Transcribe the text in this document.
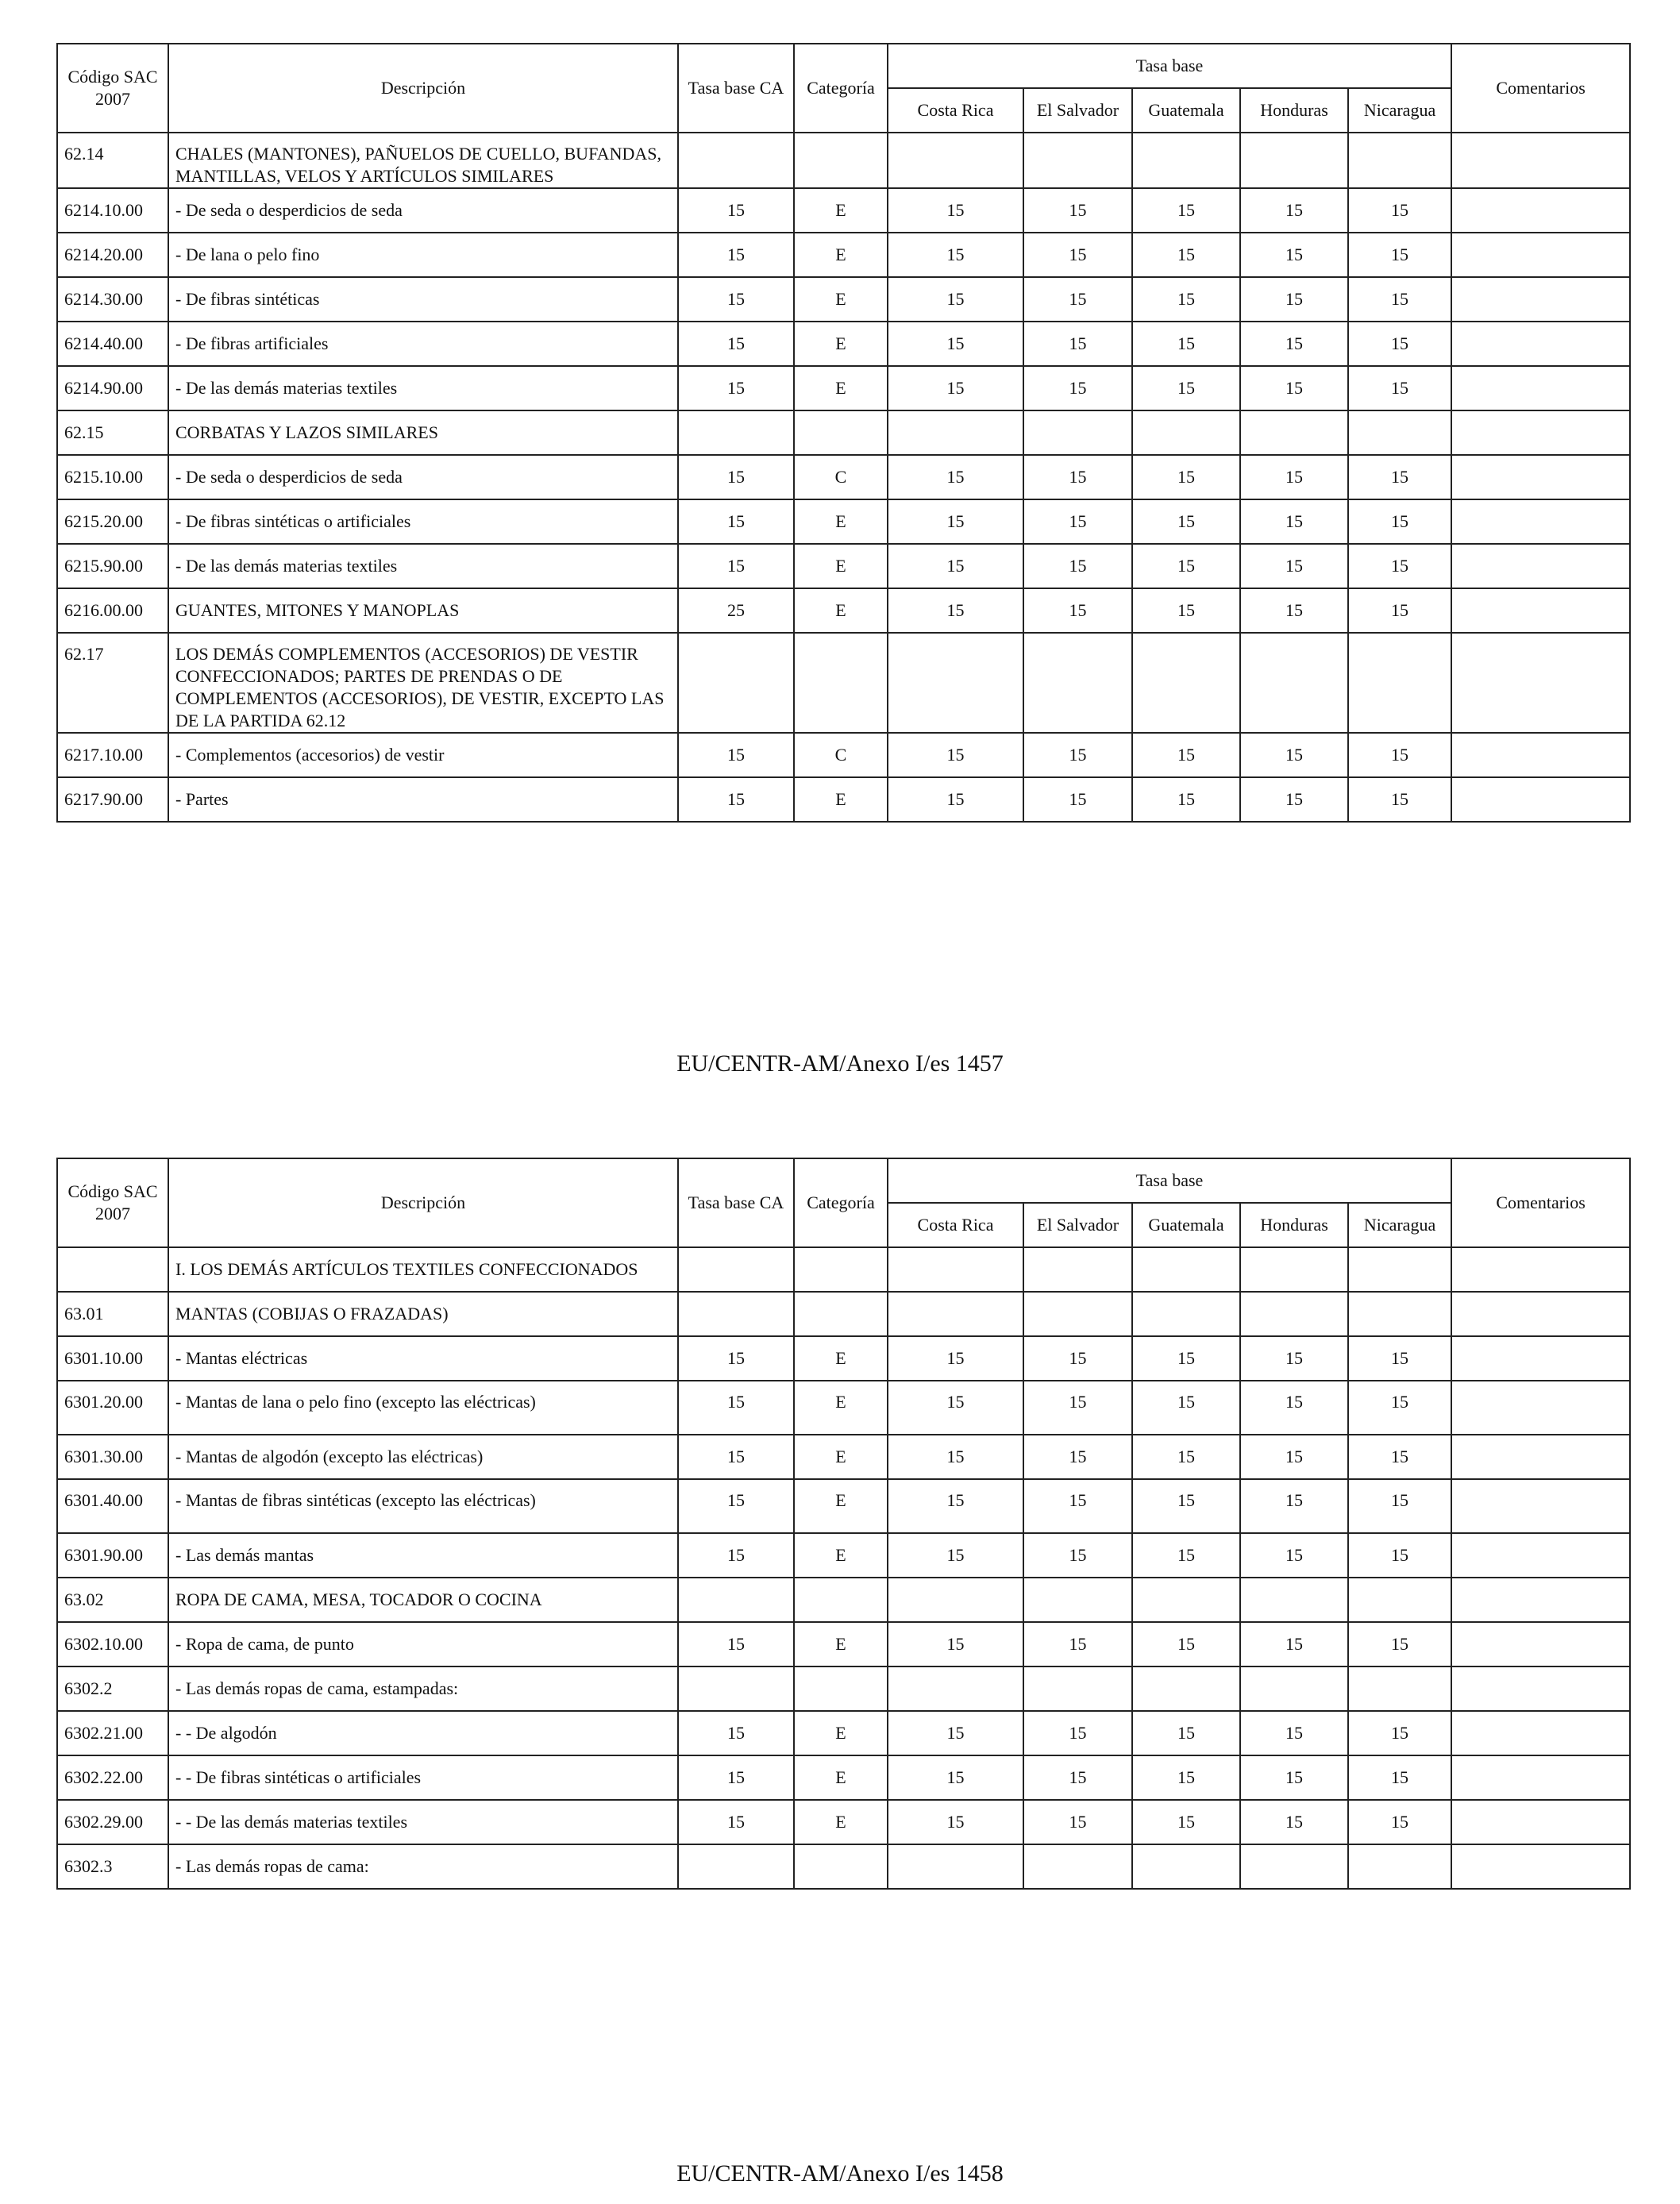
Código SAC 2007	Descripción	Tasa base CA	Categoría	Tasa base					Comentarios
				Costa Rica	El Salvador	Guatemala	Honduras	Nicaragua	
62.14	CHALES (MANTONES), PAÑUELOS DE CUELLO, BUFANDAS, MANTILLAS, VELOS Y ARTÍCULOS SIMILARES								
6214.10.00	- De seda o desperdicios de seda	15	E	15	15	15	15	15	
6214.20.00	- De lana o pelo fino	15	E	15	15	15	15	15	
6214.30.00	- De fibras sintéticas	15	E	15	15	15	15	15	
6214.40.00	- De fibras artificiales	15	E	15	15	15	15	15	
6214.90.00	- De las demás materias textiles	15	E	15	15	15	15	15	
62.15	CORBATAS Y LAZOS SIMILARES								
6215.10.00	- De seda o desperdicios de seda	15	C	15	15	15	15	15	
6215.20.00	- De fibras sintéticas o artificiales	15	E	15	15	15	15	15	
6215.90.00	- De las demás materias textiles	15	E	15	15	15	15	15	
6216.00.00	GUANTES, MITONES Y MANOPLAS	25	E	15	15	15	15	15	
62.17	LOS DEMÁS COMPLEMENTOS (ACCESORIOS) DE VESTIR CONFECCIONADOS; PARTES DE PRENDAS O DE COMPLEMENTOS (ACCESORIOS), DE VESTIR, EXCEPTO LAS DE LA PARTIDA 62.12								
6217.10.00	- Complementos (accesorios) de vestir	15	C	15	15	15	15	15	
6217.90.00	- Partes	15	E	15	15	15	15	15	
EU/CENTR-AM/Anexo I/es 1457
Código SAC 2007	Descripción	Tasa base CA	Categoría	Tasa base					Comentarios
				Costa Rica	El Salvador	Guatemala	Honduras	Nicaragua	
	I. LOS DEMÁS ARTÍCULOS TEXTILES CONFECCIONADOS								
63.01	MANTAS (COBIJAS O FRAZADAS)								
6301.10.00	- Mantas eléctricas	15	E	15	15	15	15	15	
6301.20.00	- Mantas de lana o pelo fino (excepto las eléctricas)	15	E	15	15	15	15	15	
6301.30.00	- Mantas de algodón (excepto las eléctricas)	15	E	15	15	15	15	15	
6301.40.00	- Mantas de fibras sintéticas (excepto las eléctricas)	15	E	15	15	15	15	15	
6301.90.00	- Las demás mantas	15	E	15	15	15	15	15	
63.02	ROPA DE CAMA, MESA, TOCADOR O COCINA								
6302.10.00	- Ropa de cama, de punto	15	E	15	15	15	15	15	
6302.2	- Las demás ropas de cama, estampadas:								
6302.21.00	- - De algodón	15	E	15	15	15	15	15	
6302.22.00	- - De fibras sintéticas o artificiales	15	E	15	15	15	15	15	
6302.29.00	- - De las demás materias textiles	15	E	15	15	15	15	15	
6302.3	- Las demás ropas de cama:								
EU/CENTR-AM/Anexo I/es 1458
